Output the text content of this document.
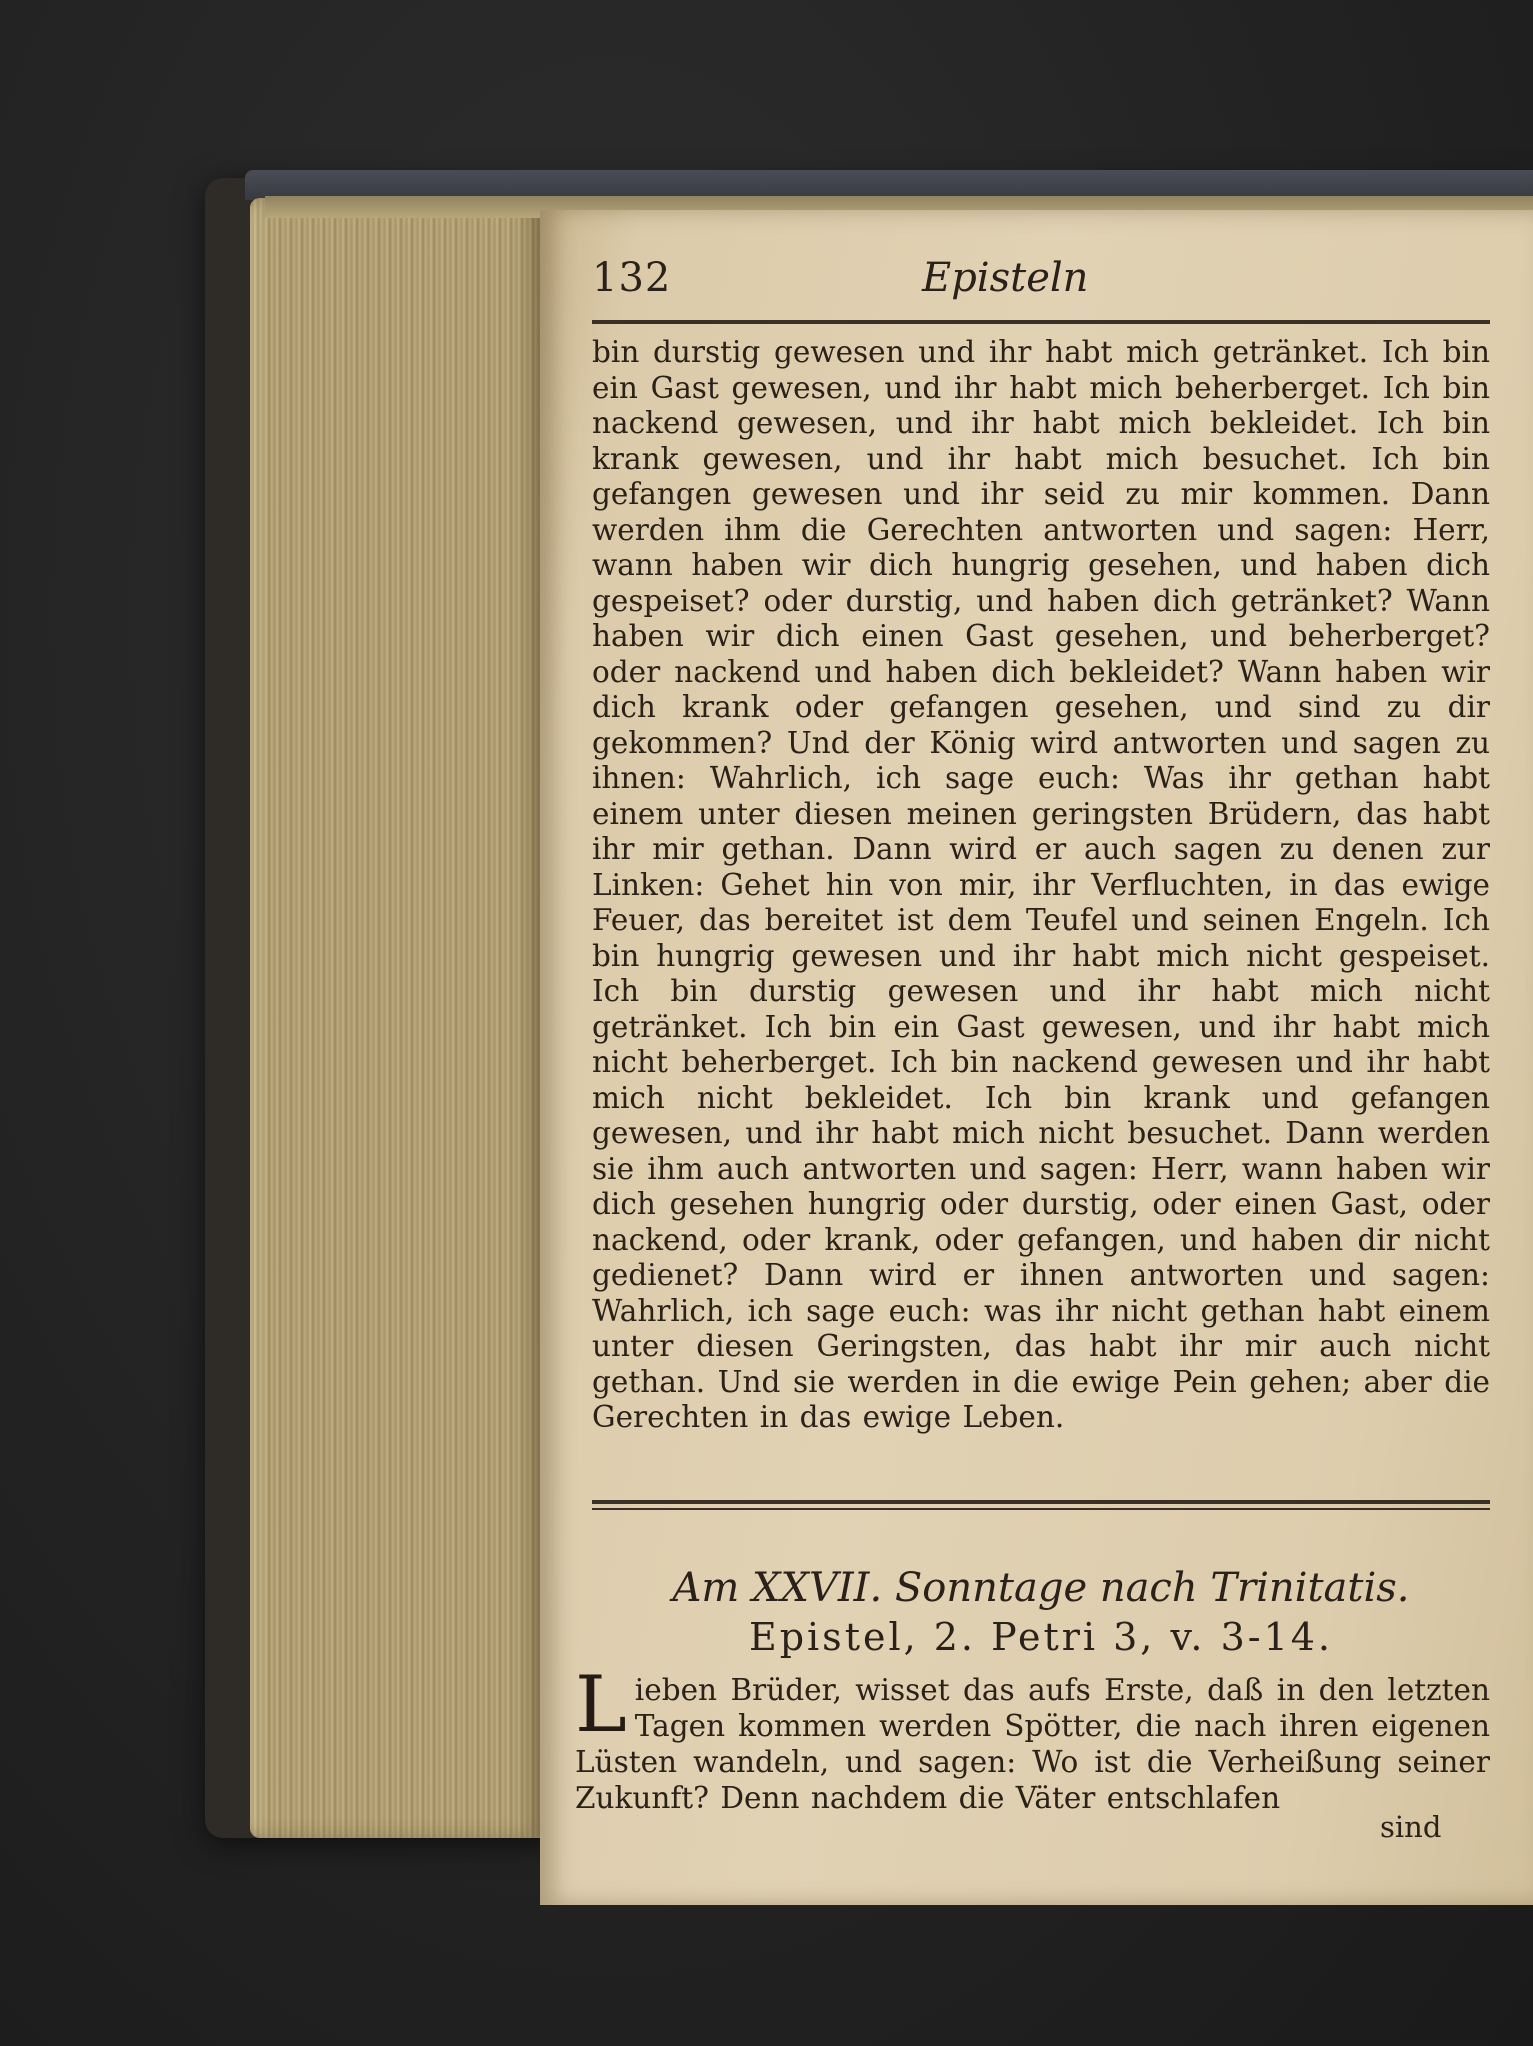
132	Episteln

bin durstig gewesen und ihr habt mich getränket. Ich bin ein Gast gewesen, und ihr habt mich beherberget. Ich bin nackend gewesen, und ihr habt mich bekleidet. Ich bin krank gewesen, und ihr habt mich besuchet. Ich bin gefangen gewesen und ihr seid zu mir kommen. Dann werden ihm die Gerechten antworten und sagen: Herr, wann haben wir dich hungrig gesehen, und haben dich gespeiset? oder durstig, und haben dich getränket? Wann haben wir dich einen Gast gesehen, und beherberget? oder nackend und haben dich bekleidet? Wann haben wir dich krank oder gefangen gesehen, und sind zu dir gekommen? Und der König wird antworten und sagen zu ihnen: Wahrlich, ich sage euch: Was ihr gethan habt einem unter diesen meinen geringsten Brüdern, das habt ihr mir gethan. Dann wird er auch sagen zu denen zur Linken: Gehet hin von mir, ihr Verfluchten, in das ewige Feuer, das bereitet ist dem Teufel und seinen Engeln. Ich bin hungrig gewesen und ihr habt mich nicht gespeiset. Ich bin durstig gewesen und ihr habt mich nicht getränket. Ich bin ein Gast gewesen, und ihr habt mich nicht beherberget. Ich bin nackend gewesen und ihr habt mich nicht bekleidet. Ich bin krank und gefangen gewesen, und ihr habt mich nicht besuchet. Dann werden sie ihm auch antworten und sagen: Herr, wann haben wir dich gesehen hungrig oder durstig, oder einen Gast, oder nackend, oder krank, oder gefangen, und haben dir nicht gedienet? Dann wird er ihnen antworten und sagen: Wahrlich, ich sage euch: was ihr nicht gethan habt einem unter diesen Geringsten, das habt ihr mir auch nicht gethan. Und sie werden in die ewige Pein gehen; aber die Gerechten in das ewige Leben.

Am XXVII. Sonntage nach Trinitatis.
Epistel, 2. Petri 3, v. 3-14.

Lieben Brüder, wisset das aufs Erste, daß in den letzten Tagen kommen werden Spötter, die nach ihren eigenen Lüsten wandeln, und sagen: Wo ist die Verheißung seiner Zukunft? Denn nachdem die Väter entschlafen

sind
